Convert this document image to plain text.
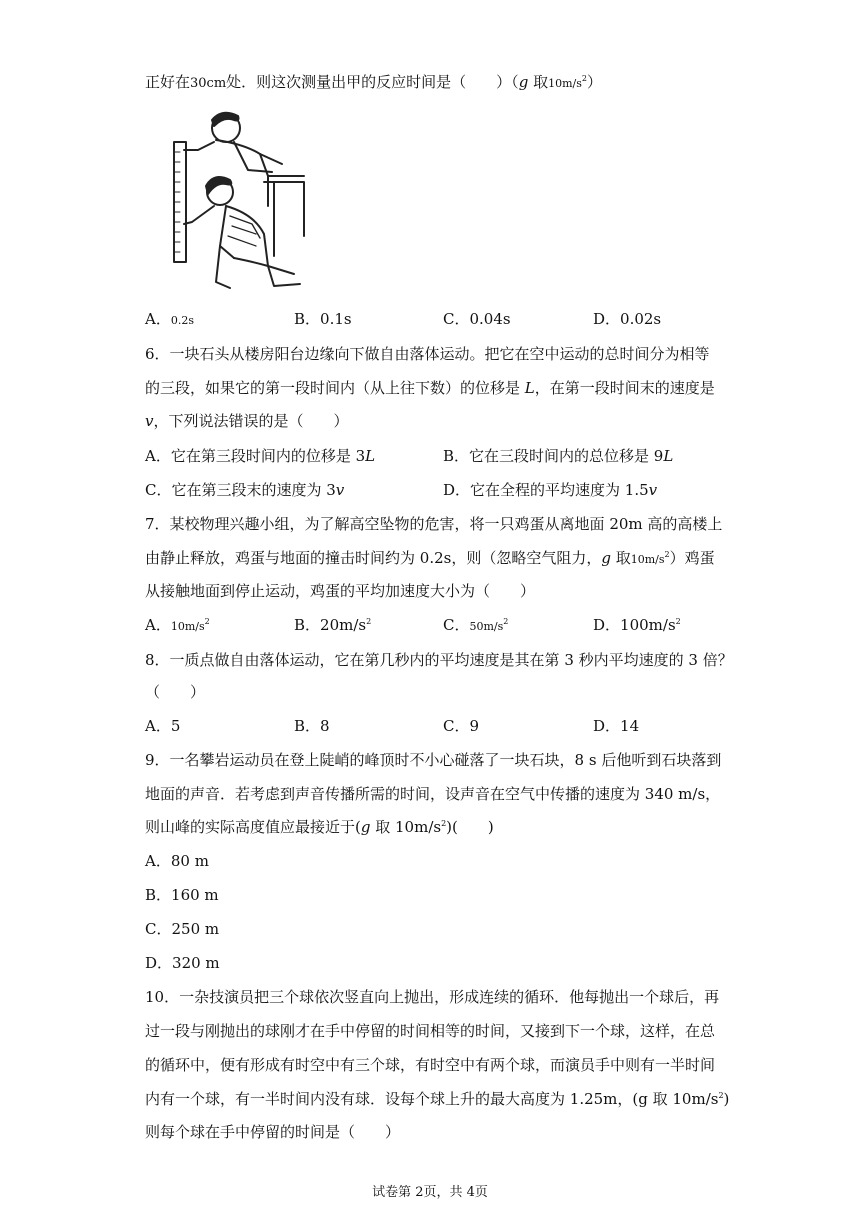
正好在30cm处．则这次测量出甲的反应时间是（　　）（g 取$10m/s^2$）
A．0.2s	B．0.1s	C．0.04s	D．0.02s
6．一块石头从楼房阳台边缘向下做自由落体运动。把它在空中运动的总时间分为相等
的三段，如果它的第一段时间内（从上往下数）的位移是 L，在第一段时间末的速度是
v，下列说法错误的是（　　）
A．它在第三段时间内的位移是 3L	B．它在三段时间内的总位移是 9L
C．它在第三段末的速度为 3v	D．它在全程的平均速度为 1.5v
7．某校物理兴趣小组，为了解高空坠物的危害，将一只鸡蛋从离地面 20m 高的高楼上
由静止释放，鸡蛋与地面的撞击时间约为 0.2s，则（忽略空气阻力，g 取$10m/s^2$）鸡蛋
从接触地面到停止运动，鸡蛋的平均加速度大小为（　　）
A．$10m/s^2$	B．$20m/s^2$	C．$50m/s^2$	D．$100m/s^2$
8．一质点做自由落体运动，它在第几秒内的平均速度是其在第 3 秒内平均速度的 3 倍？
（　　）
A．5	B．8	C．9	D．14
9．一名攀岩运动员在登上陡峭的峰顶时不小心碰落了一块石块，8 s 后他听到石块落到
地面的声音．若考虑到声音传播所需的时间，设声音在空气中传播的速度为 340 m/s，
则山峰的实际高度值应最接近于(g 取 $10m/s^2$)(　　)
A．80 m
B．160 m
C．250 m
D．320 m
10．一杂技演员把三个球依次竖直向上抛出，形成连续的循环．他每抛出一个球后，再
过一段与刚抛出的球刚才在手中停留的时间相等的时间，又接到下一个球，这样，在总
的循环中，便有形成有时空中有三个球，有时空中有两个球，而演员手中则有一半时间
内有一个球，有一半时间内没有球．设每个球上升的最大高度为 1.25m，(g 取 $10m/s^2$)
则每个球在手中停留的时间是（　　）
试卷第 2页，共 4页
